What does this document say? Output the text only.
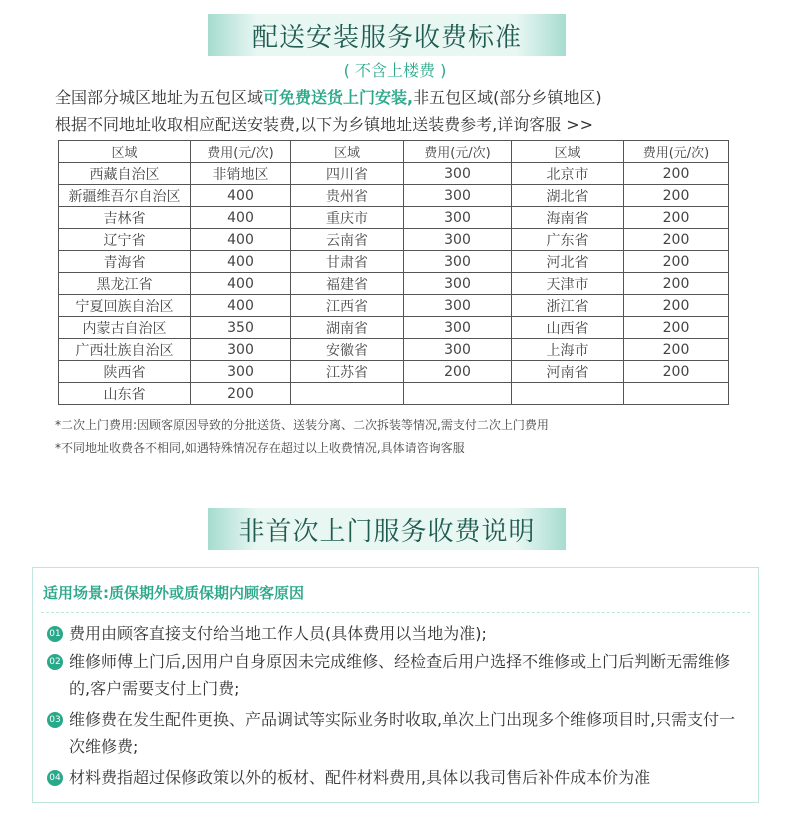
配送安装服务收费标准
( 不含上楼费 )
全国部分城区地址为五包区域可免费送货上门安装,非五包区域(部分乡镇地区)
根据不同地址收取相应配送安装费,以下为乡镇地址送装费参考,详询客服 >>
区域	费用(元/次)	区域	费用(元/次)	区域	费用(元/次)
西藏自治区	非销地区	四川省	300	北京市	200
新疆维吾尔自治区	400	贵州省	300	湖北省	200
吉林省	400	重庆市	300	海南省	200
辽宁省	400	云南省	300	广东省	200
青海省	400	甘肃省	300	河北省	200
黑龙江省	400	福建省	300	天津市	200
宁夏回族自治区	400	江西省	300	浙江省	200
内蒙古自治区	350	湖南省	300	山西省	200
广西壮族自治区	300	安徽省	300	上海市	200
陕西省	300	江苏省	200	河南省	200
山东省	200				
*二次上门费用:因顾客原因导致的分批送货、送装分离、二次拆装等情况,需支付二次上门费用
*不同地址收费各不相同,如遇特殊情况存在超过以上收费情况,具体请咨询客服
非首次上门服务收费说明
适用场景:质保期外或质保期内顾客原因
01 费用由顾客直接支付给当地工作人员(具体费用以当地为准);
02 维修师傅上门后,因用户自身原因未完成维修、经检查后用户选择不维修或上门后判断无需维修的,客户需要支付上门费;
03 维修费在发生配件更换、产品调试等实际业务时收取,单次上门出现多个维修项目时,只需支付一次维修费;
04 材料费指超过保修政策以外的板材、配件材料费用,具体以我司售后补件成本价为准
